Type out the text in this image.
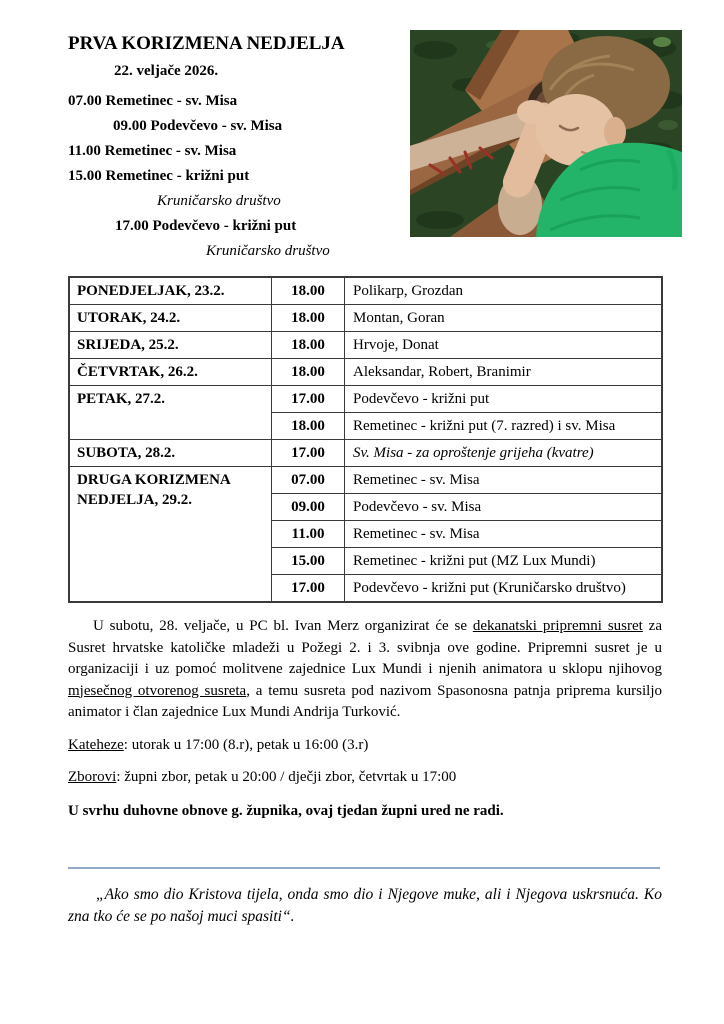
PRVA KORIZMENA NEDJELJA
22. veljače 2026.
07.00 Remetinec - sv. Misa
09.00 Podevčevo - sv. Misa
11.00 Remetinec - sv. Misa
15.00 Remetinec - križni put
Kruničarsko društvo
17.00 Podevčevo - križni put
Kruničarsko društvo
PONEDJELJAK, 23.2.	18.00	Polikarp, Grozdan
UTORAK, 24.2.	18.00	Montan, Goran
SRIJEDA, 25.2.	18.00	Hrvoje, Donat
ČETVRTAK, 26.2.	18.00	Aleksandar, Robert, Branimir
PETAK, 27.2.	17.00	Podevčevo - križni put
	18.00	Remetinec - križni put (7. razred) i sv. Misa
SUBOTA, 28.2.	17.00	Sv. Misa - za oproštenje grijeha (kvatre)
DRUGA KORIZMENA NEDJELJA, 29.2.	07.00	Remetinec - sv. Misa
	09.00	Podevčevo - sv. Misa
	11.00	Remetinec - sv. Misa
	15.00	Remetinec - križni put (MZ Lux Mundi)
	17.00	Podevčevo - križni put (Kruničarsko društvo)

U subotu, 28. veljače, u PC bl. Ivan Merz organizirat će se dekanatski pripremni susret za Susret hrvatske katoličke mladeži u Požegi 2. i 3. svibnja ove godine. Pripremni susret je u organizaciji i uz pomoć molitvene zajednice Lux Mundi i njenih animatora u sklopu njihovog mjesečnog otvorenog susreta, a temu susreta pod nazivom Spasonosna patnja priprema kursiljo animator i član zajednice Lux Mundi Andrija Turković.

Kateheze: utorak u 17:00 (8.r), petak u 16:00 (3.r)
Zborovi: župni zbor, petak u 20:00 / dječji zbor, četvrtak u 17:00
U svrhu duhovne obnove g. župnika, ovaj tjedan župni ured ne radi.
„Ako smo dio Kristova tijela, onda smo dio i Njegove muke, ali i Njegova uskrsnuća. Ko zna tko će se po našoj muci spasiti“.
